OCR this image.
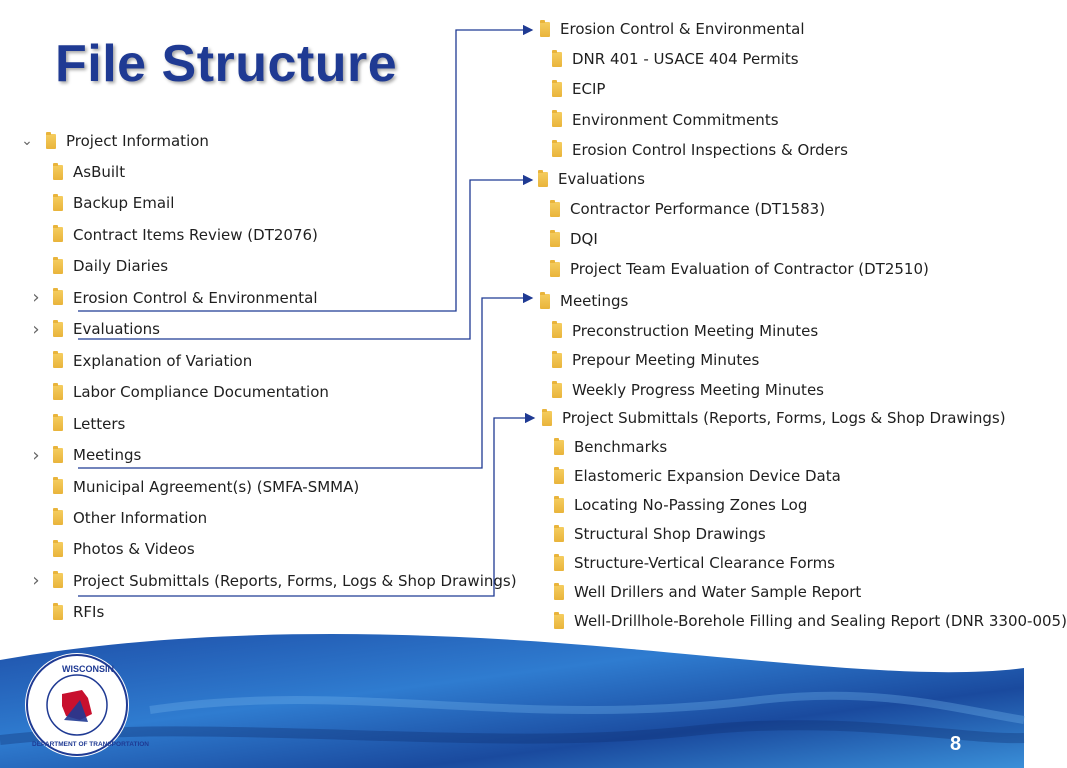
File Structure
⌄ Project Information
AsBuilt
Backup Email
Contract Items Review (DT2076)
Daily Diaries
› Erosion Control & Environmental
› Evaluations
Explanation of Variation
Labor Compliance Documentation
Letters
› Meetings
Municipal Agreement(s) (SMFA-SMMA)
Other Information
Photos & Videos
› Project Submittals (Reports, Forms, Logs & Shop Drawings)
RFIs
Erosion Control & Environmental
DNR 401 - USACE 404 Permits
ECIP
Environment Commitments
Erosion Control Inspections & Orders
Evaluations
Contractor Performance (DT1583)
DQI
Project Team Evaluation of Contractor (DT2510)
Meetings
Preconstruction Meeting Minutes
Prepour Meeting Minutes
Weekly Progress Meeting Minutes
Project Submittals (Reports, Forms, Logs & Shop Drawings)
Benchmarks
Elastomeric Expansion Device Data
Locating No-Passing Zones Log
Structural Shop Drawings
Structure-Vertical Clearance Forms
Well Drillers and Water Sample Report
Well-Drillhole-Borehole Filling and Sealing Report (DNR 3300-005)
WISCONSIN
DEPARTMENT OF TRANSPORTATION	8
